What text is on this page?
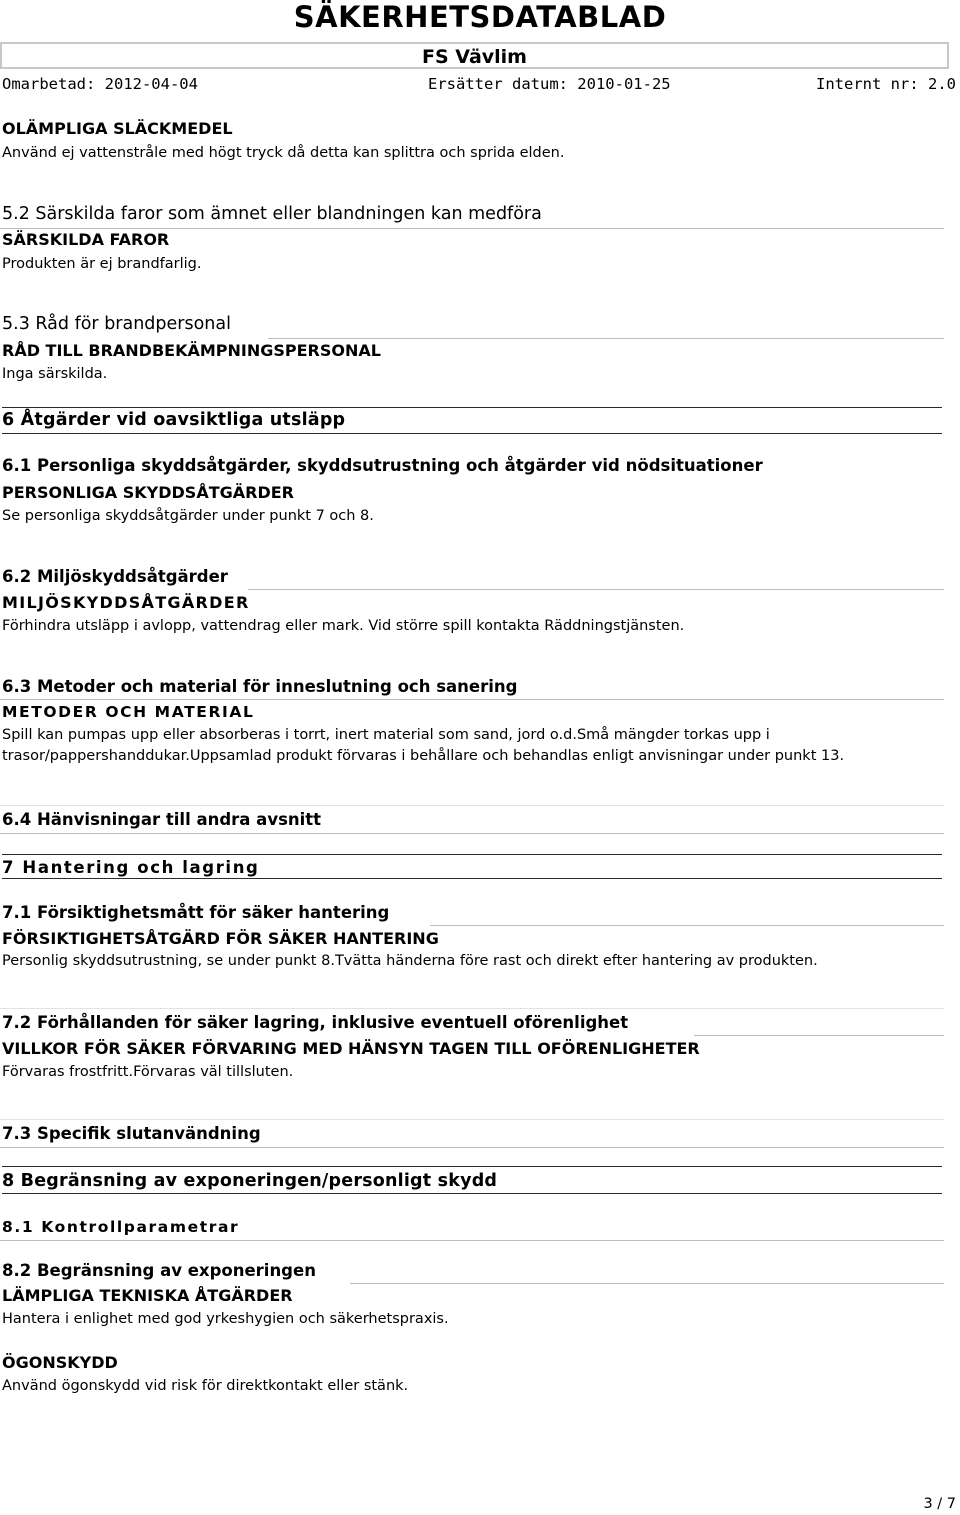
SÄKERHETSDATABLAD
FS Vävlim
Omarbetad: 2012-04-04	Ersätter datum: 2010-01-25	Internt nr: 2.0
OLÄMPLIGA SLÄCKMEDEL
Använd ej vattenstråle med högt tryck då detta kan splittra och sprida elden.
5.2 Särskilda faror som ämnet eller blandningen kan medföra
SÄRSKILDA FAROR
Produkten är ej brandfarlig.
5.3 Råd för brandpersonal
RÅD TILL BRANDBEKÄMPNINGSPERSONAL
Inga särskilda.
6 Åtgärder vid oavsiktliga utsläpp
6.1 Personliga skyddsåtgärder, skyddsutrustning och åtgärder vid nödsituationer
PERSONLIGA SKYDDSÅTGÄRDER
Se personliga skyddsåtgärder under punkt 7 och 8.
6.2 Miljöskyddsåtgärder
MILJÖSKYDDSÅTGÄRDER
Förhindra utsläpp i avlopp, vattendrag eller mark. Vid större spill kontakta Räddningstjänsten.
6.3 Metoder och material för inneslutning och sanering
METODER OCH MATERIAL
Spill kan pumpas upp eller absorberas i torrt, inert material som sand, jord o.d.Små mängder torkas upp i
trasor/pappershanddukar.Uppsamlad produkt förvaras i behållare och behandlas enligt anvisningar under punkt 13.
6.4 Hänvisningar till andra avsnitt
7 Hantering och lagring
7.1 Försiktighetsmått för säker hantering
FÖRSIKTIGHETSÅTGÄRD FÖR SÄKER HANTERING
Personlig skyddsutrustning, se under punkt 8.Tvätta händerna före rast och direkt efter hantering av produkten.
7.2 Förhållanden för säker lagring, inklusive eventuell oförenlighet
VILLKOR FÖR SÄKER FÖRVARING MED HÄNSYN TAGEN TILL OFÖRENLIGHETER
Förvaras frostfritt.Förvaras väl tillsluten.
7.3 Specifik slutanvändning
8 Begränsning av exponeringen/personligt skydd
8.1 Kontrollparametrar
8.2 Begränsning av exponeringen
LÄMPLIGA TEKNISKA ÅTGÄRDER
Hantera i enlighet med god yrkeshygien och säkerhetspraxis.
ÖGONSKYDD
Använd ögonskydd vid risk för direktkontakt eller stänk.
3 / 7
